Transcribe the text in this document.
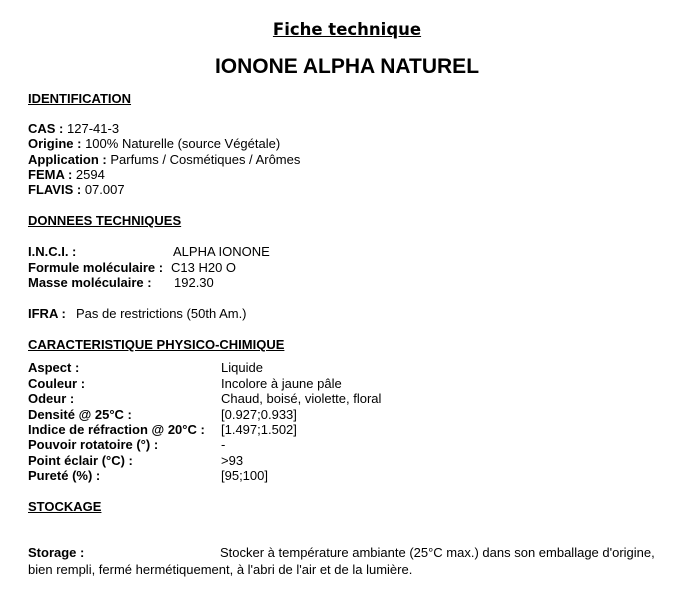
Fiche technique
IONONE ALPHA NATUREL
IDENTIFICATION
CAS : 127-41-3
Origine : 100% Naturelle (source Végétale)
Application : Parfums / Cosmétiques / Arômes
FEMA : 2594
FLAVIS : 07.007
DONNEES TECHNIQUES
I.N.C.I. :	ALPHA IONONE
Formule moléculaire : C13 H20 O
Masse moléculaire : 192.30
IFRA : Pas de restrictions (50th Am.)
CARACTERISTIQUE PHYSICO-CHIMIQUE
Aspect :	Liquide
Couleur :	Incolore à jaune pâle
Odeur :	Chaud, boisé, violette, floral
Densité @ 25°C :	[0.927;0.933]
Indice de réfraction @ 20°C : [1.497;1.502]
Pouvoir rotatoire (°) :	-
Point éclair (°C) :	>93
Pureté (%) :	[95;100]
STOCKAGE
Storage :	Stocker à température ambiante (25°C max.) dans son emballage d'origine,
bien rempli, fermé hermétiquement, à l'abri de l'air et de la lumière.
